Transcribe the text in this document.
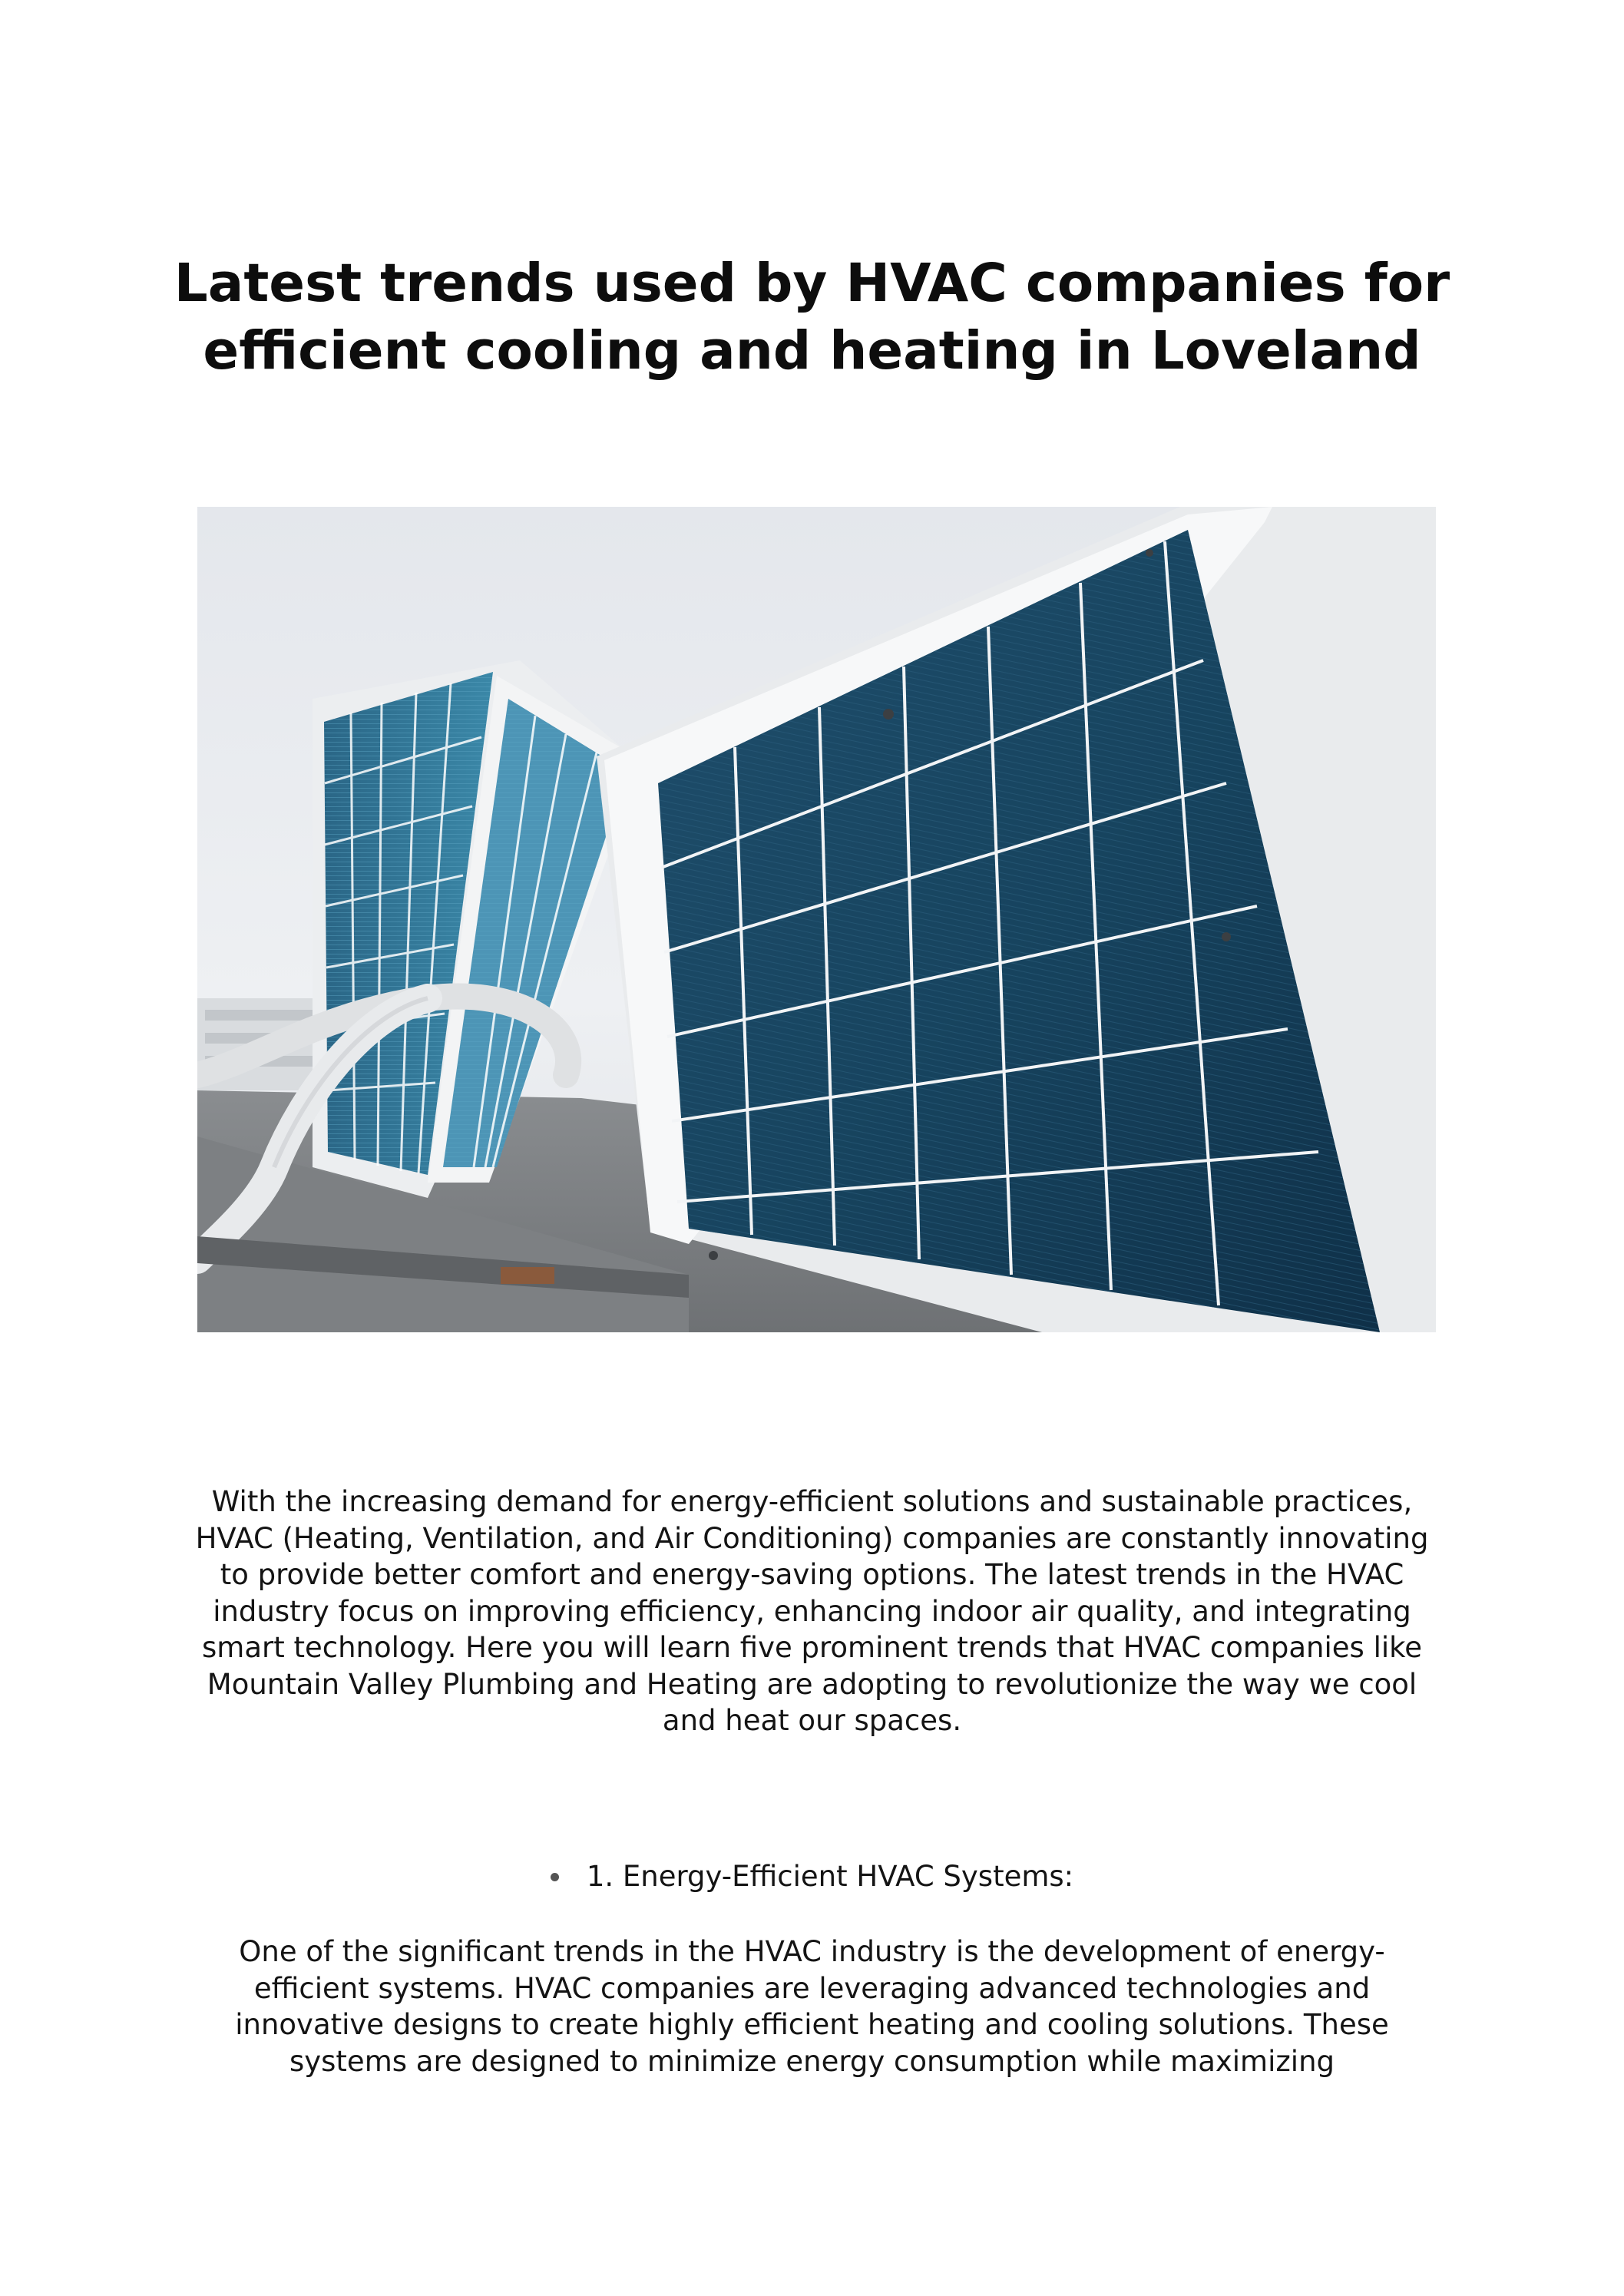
Latest trends used by HVAC companies for efficient cooling and heating in Loveland

With the increasing demand for energy-efficient solutions and sustainable practices, HVAC (Heating, Ventilation, and Air Conditioning) companies are constantly innovating to provide better comfort and energy-saving options. The latest trends in the HVAC industry focus on improving efficiency, enhancing indoor air quality, and integrating smart technology. Here you will learn five prominent trends that HVAC companies like Mountain Valley Plumbing and Heating are adopting to revolutionize the way we cool and heat our spaces.

1. Energy-Efficient HVAC Systems:

One of the significant trends in the HVAC industry is the development of energy-efficient systems. HVAC companies are leveraging advanced technologies and innovative designs to create highly efficient heating and cooling solutions. These systems are designed to minimize energy consumption while maximizing
